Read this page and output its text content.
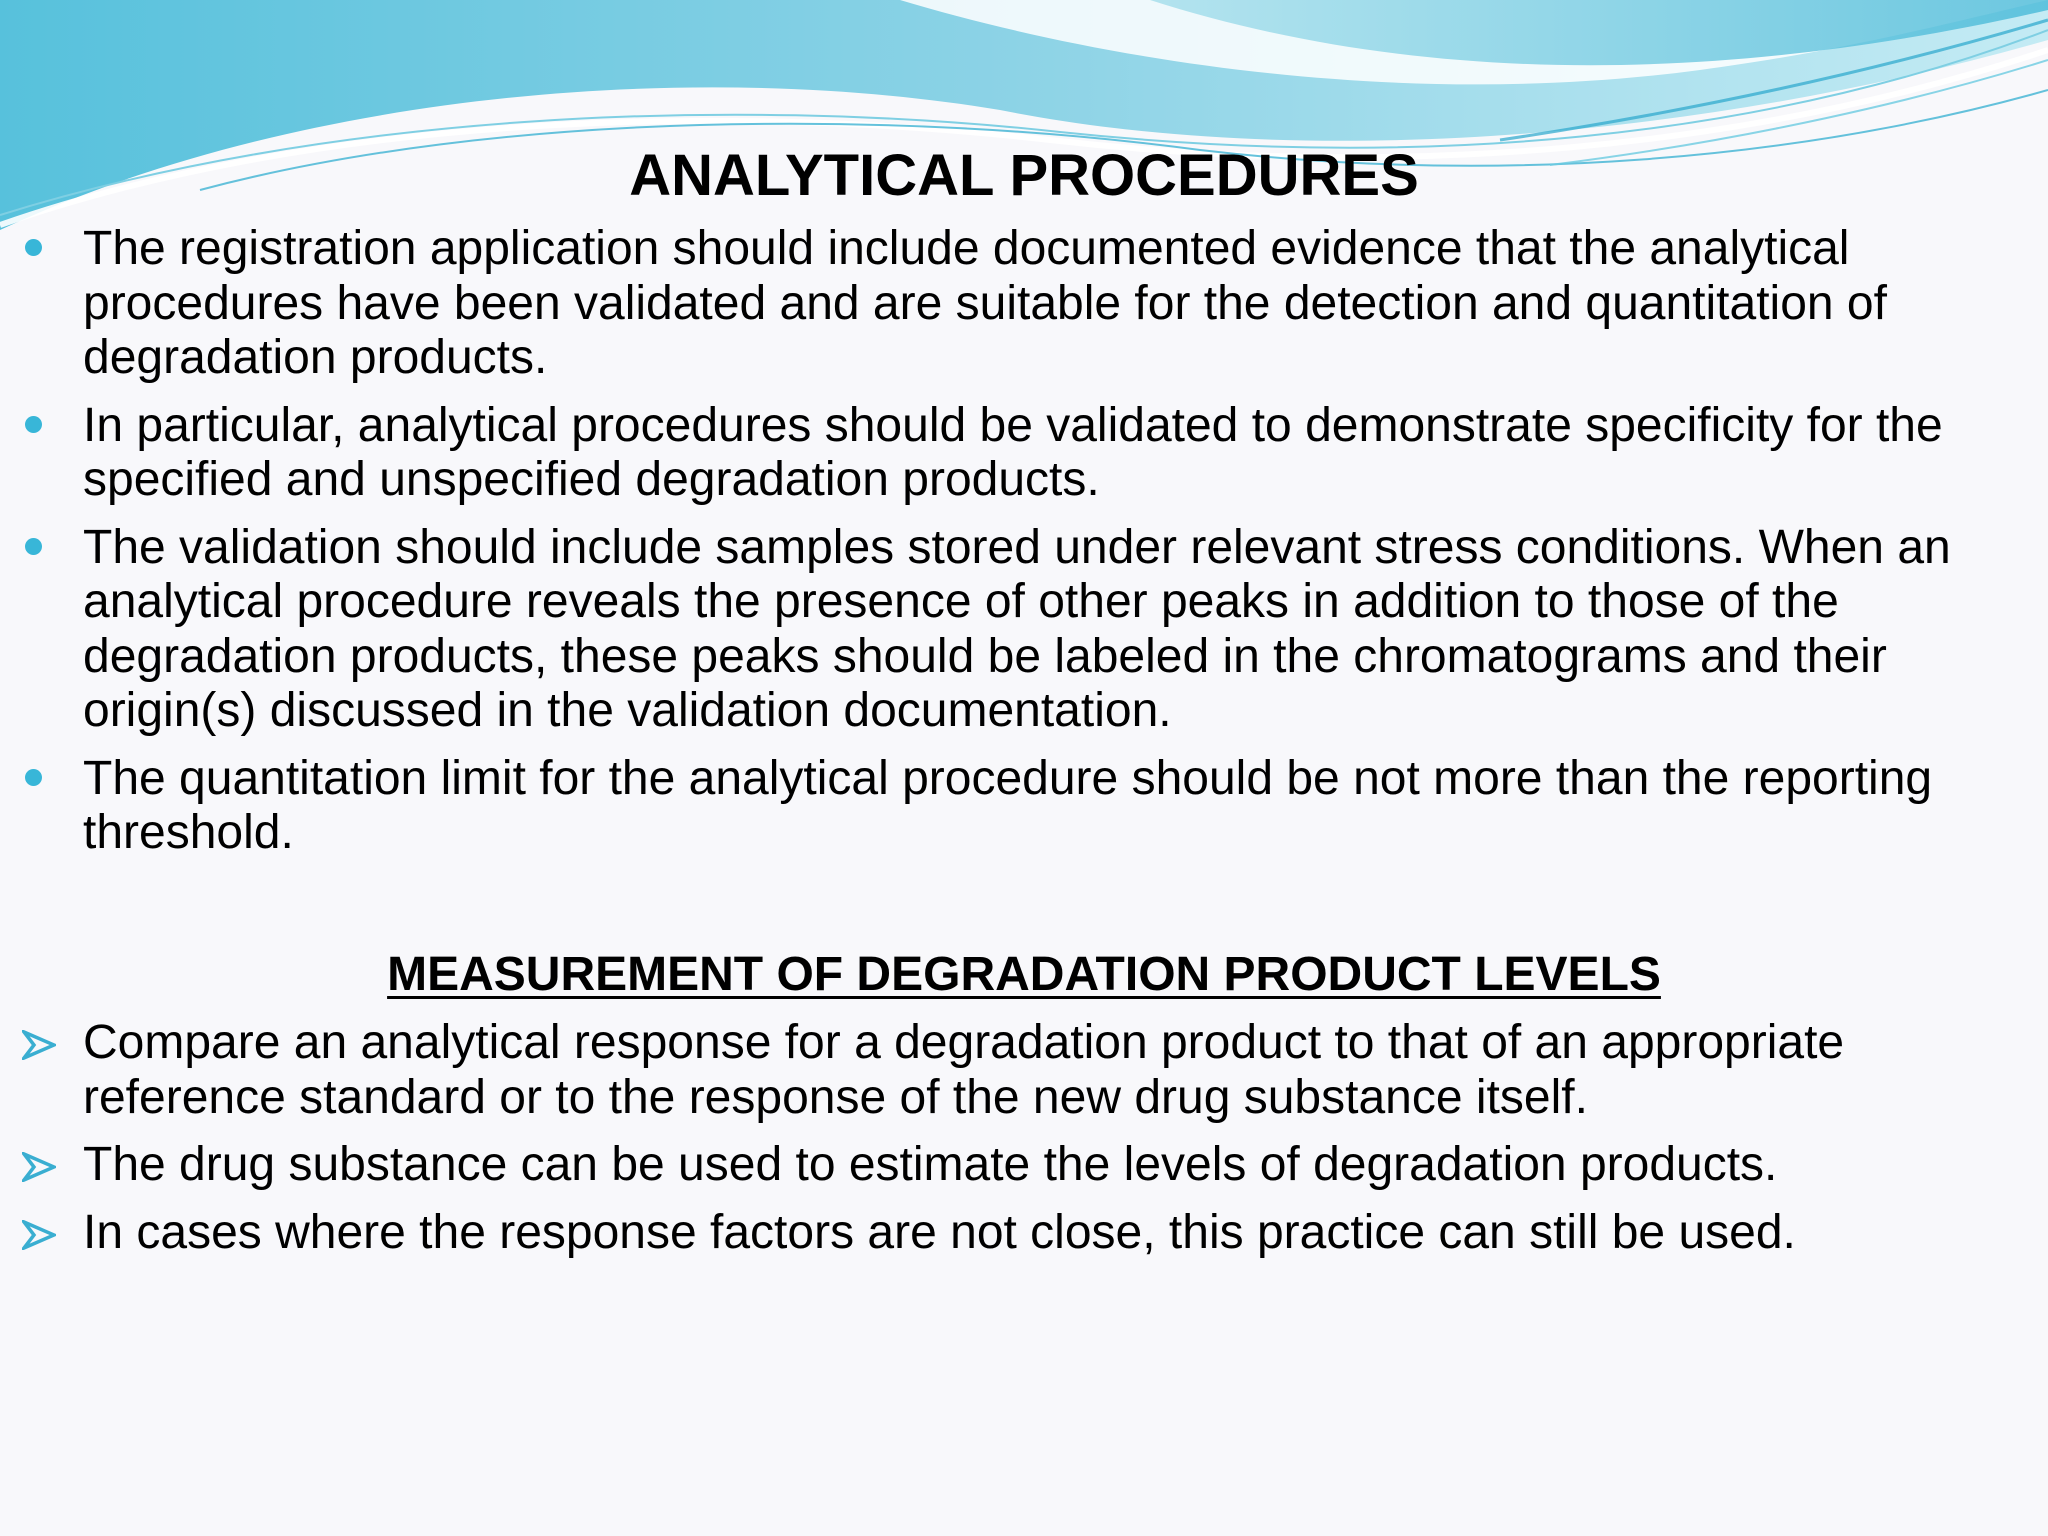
ANALYTICAL PROCEDURES
The registration application should include documented evidence that the analytical procedures have been validated and are suitable for the detection and quantitation of degradation products.
In particular, analytical procedures should be validated to demonstrate specificity for the specified and unspecified degradation products.
The validation should include samples stored under relevant stress conditions. When an analytical procedure reveals the presence of other peaks in addition to those of the degradation products, these peaks should be labeled in the chromatograms and their origin(s) discussed in the validation documentation.
The quantitation limit for the analytical procedure should be not more than the reporting threshold.
MEASUREMENT OF DEGRADATION PRODUCT LEVELS
Compare an analytical response for a degradation product to that of an appropriate reference standard or to the response of the new drug substance itself.
The drug substance can be used to estimate the levels of degradation products.
In cases where the response factors are not close, this practice can still be used.
